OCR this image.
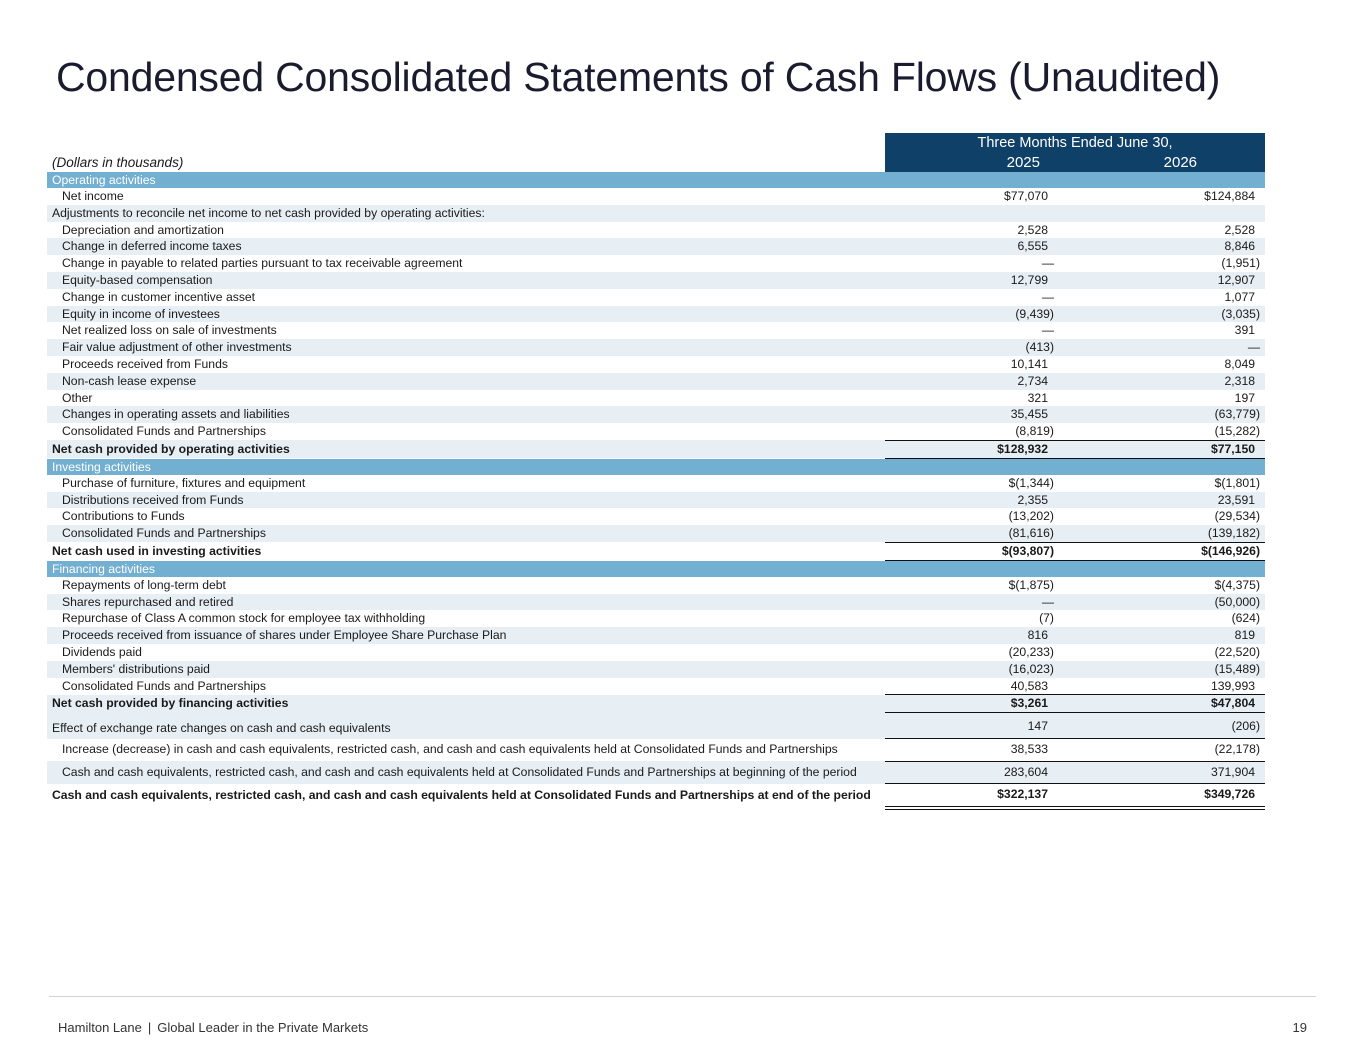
Condensed Consolidated Statements of Cash Flows (Unaudited)
	Three Months Ended June 30,	
(Dollars in thousands)	2025	2026
Operating activities		
Net income	$77,070	$124,884
Adjustments to reconcile net income to net cash provided by operating activities:		
Depreciation and amortization	2,528	2,528
Change in deferred income taxes	6,555	8,846
Change in payable to related parties pursuant to tax receivable agreement	—	(1,951)
Equity-based compensation	12,799	12,907
Change in customer incentive asset	—	1,077
Equity in income of investees	(9,439)	(3,035)
Net realized loss on sale of investments	—	391
Fair value adjustment of other investments	(413)	—
Proceeds received from Funds	10,141	8,049
Non-cash lease expense	2,734	2,318
Other	321	197
Changes in operating assets and liabilities	35,455	(63,779)
Consolidated Funds and Partnerships	(8,819)	(15,282)
Net cash provided by operating activities	$128,932	$77,150
Investing activities		
Purchase of furniture, fixtures and equipment	$(1,344)	$(1,801)
Distributions received from Funds	2,355	23,591
Contributions to Funds	(13,202)	(29,534)
Consolidated Funds and Partnerships	(81,616)	(139,182)
Net cash used in investing activities	$(93,807)	$(146,926)
Financing activities		
Repayments of long-term debt	$(1,875)	$(4,375)
Shares repurchased and retired	—	(50,000)
Repurchase of Class A common stock for employee tax withholding	(7)	(624)
Proceeds received from issuance of shares under Employee Share Purchase Plan	816	819
Dividends paid	(20,233)	(22,520)
Members' distributions paid	(16,023)	(15,489)
Consolidated Funds and Partnerships	40,583	139,993
Net cash provided by financing activities	$3,261	$47,804
Effect of exchange rate changes on cash and cash equivalents	147	(206)
Increase (decrease) in cash and cash equivalents, restricted cash, and cash and cash equivalents held at Consolidated Funds and Partnerships	38,533	(22,178)
Cash and cash equivalents, restricted cash, and cash and cash equivalents held at Consolidated Funds and Partnerships at beginning of the period	283,604	371,904
Cash and cash equivalents, restricted cash, and cash and cash equivalents held at Consolidated Funds and Partnerships at end of the period	$322,137	$349,726
Hamilton Lane | Global Leader in the Private Markets	19
